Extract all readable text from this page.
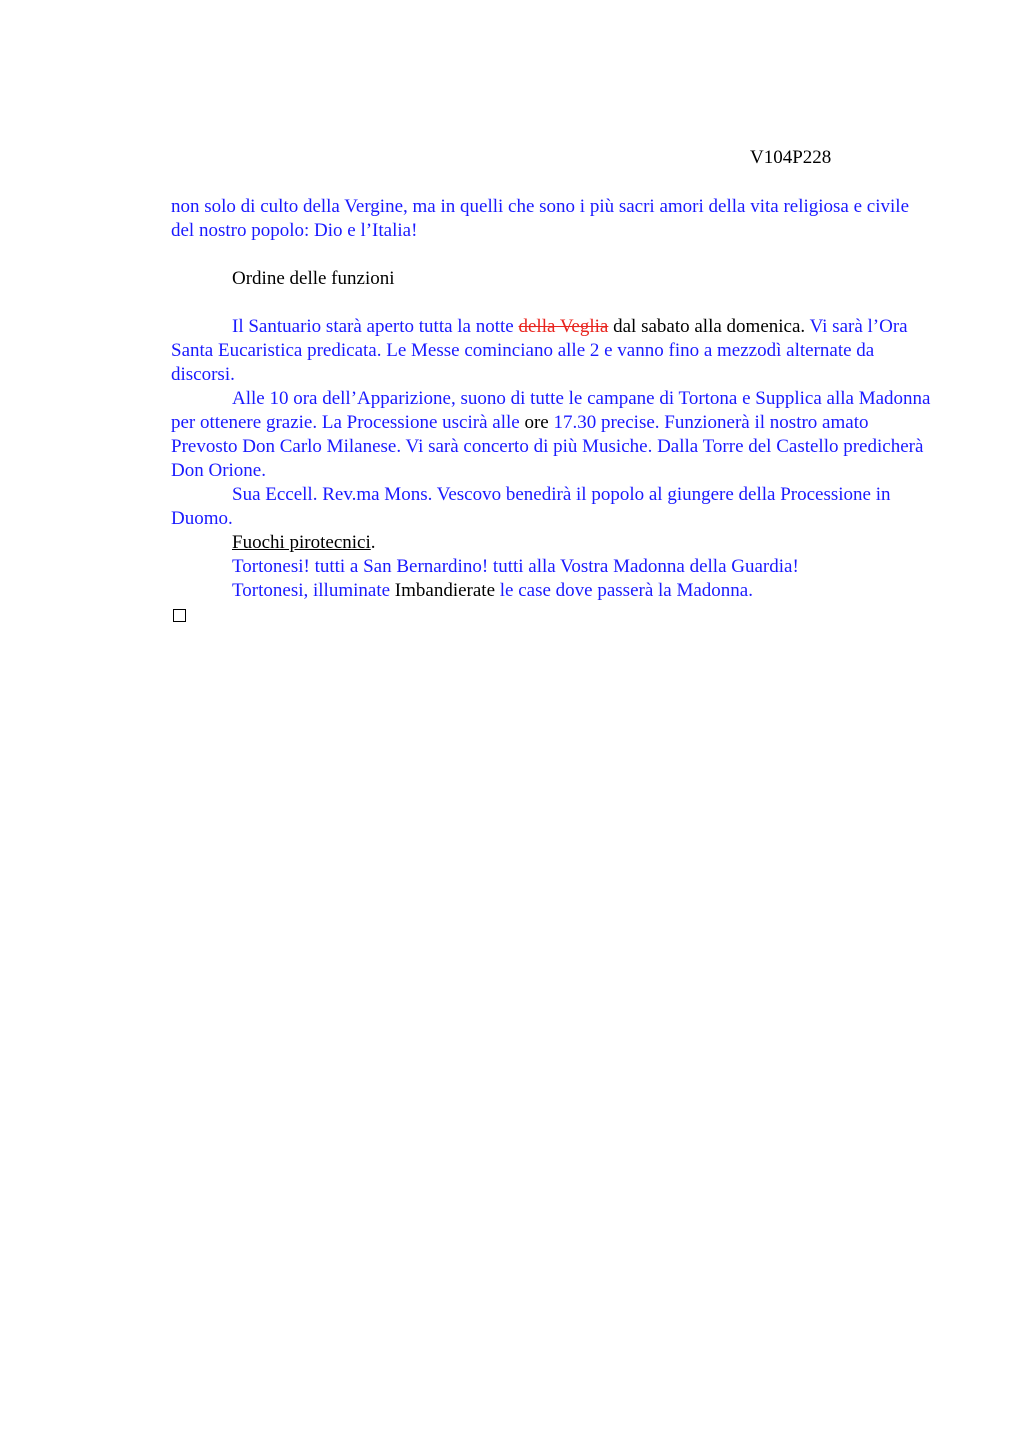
V104P228

non solo di culto della Vergine, ma in quelli che sono i più sacri amori della vita religiosa e civile del nostro popolo: Dio e l’Italia!

Ordine delle funzioni

Il Santuario starà aperto tutta la notte della Veglia dal sabato alla domenica. Vi sarà l’Ora Santa Eucaristica predicata. Le Messe cominciano alle 2 e vanno fino a mezzodì alternate da discorsi.

Alle 10 ora dell’Apparizione, suono di tutte le campane di Tortona e Supplica alla Madonna per ottenere grazie. La Processione uscirà alle ore 17.30 precise. Funzionerà il nostro amato Prevosto Don Carlo Milanese. Vi sarà concerto di più Musiche. Dalla Torre del Castello predicherà Don Orione.

Sua Eccell. Rev.ma Mons. Vescovo benedirà il popolo al giungere della Processione in Duomo.

Fuochi pirotecnici.

Tortonesi! tutti a San Bernardino! tutti alla Vostra Madonna della Guardia!

Tortonesi, illuminate Imbandierate le case dove passerà la Madonna.
